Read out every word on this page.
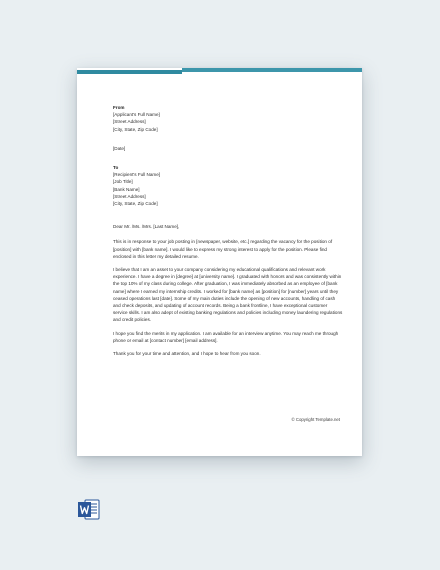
From
[Applicant's Full Name]
[Street Address]
[City, State, Zip Code]
[Date]
To
[Recipient's Full Name]
[Job Title]
[Bank Name]
[Street Address]
[City, State, Zip Code]
Dear Mr. /Ms. /Mrs. [Last Name],

This is in response to your job posting in [newspaper, website, etc.] regarding the vacancy for the position of [position] with [bank name]. I would like to express my strong interest to apply for the position. Please find enclosed in this letter my detailed resume.

I believe that I am an asset to your company considering my educational qualifications and relevant work experience. I have a degree in [degree] at [university name]. I graduated with honors and was consistently within the top 10% of my class during college. After graduation, I was immediately absorbed as an employee of [bank name] where I earned my internship credits. I worked for [bank name] as [position] for [number] years until they ceased operations last [date]. Some of my main duties include the opening of new accounts, handling of cash and check deposits, and updating of account records. Being a bank frontline, I have exceptional customer service skills. I am also adept of existing banking regulations and policies including money laundering regulations and credit policies.

I hope you find the merits in my application. I am available for an interview anytime. You may reach me through phone or email at [contact number] [email address].

Thank you for your time and attention, and I hope to hear from you soon.

© Copyright Template.net
